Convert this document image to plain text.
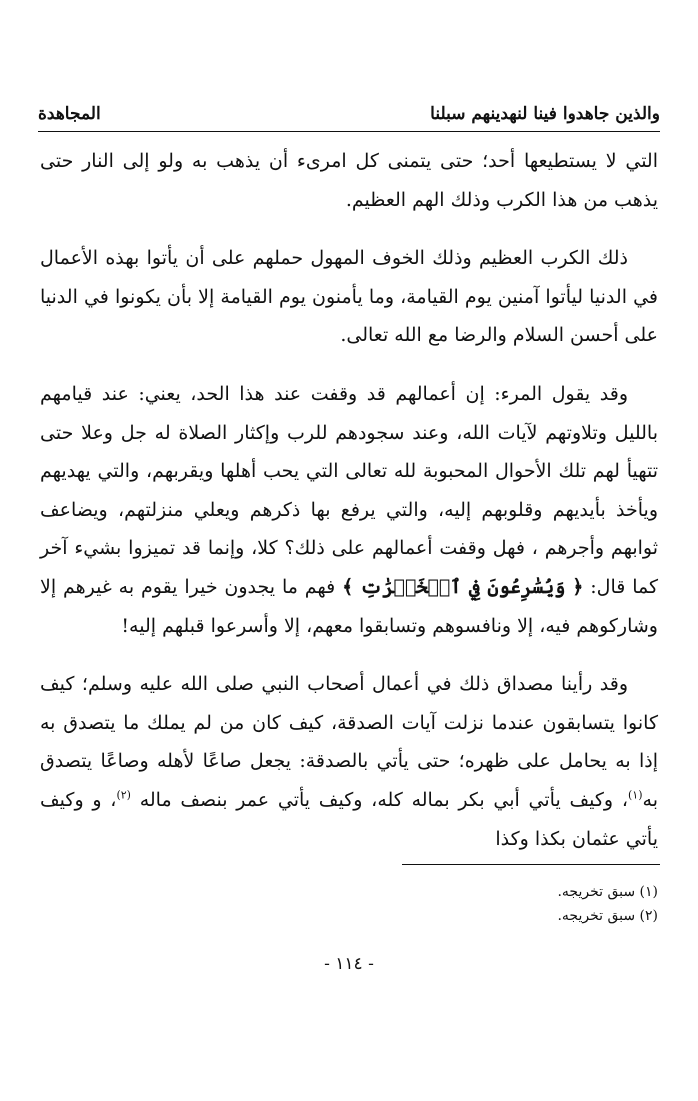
والذين جاهدوا فينا لنهدينهم سبلنا
المجاهدة

التي لا يستطيعها أحد؛ حتى يتمنى كل امرىء أن يذهب به ولو إلى النار حتى يذهب من هذا الكرب وذلك الهم العظيم.

ذلك الكرب العظيم وذلك الخوف المهول حملهم على أن يأتوا بهذه الأعمال في الدنيا ليأتوا آمنين يوم القيامة، وما يأمنون يوم القيامة إلا بأن يكونوا في الدنيا على أحسن السلام والرضا مع الله تعالى.

وقد يقول المرء: إن أعمالهم قد وقفت عند هذا الحد، يعني: عند قيامهم بالليل وتلاوتهم لآيات الله، وعند سجودهم للرب وإكثار الصلاة له جل وعلا حتى تتهيأ لهم تلك الأحوال المحبوبة لله تعالى التي يحب أهلها ويقربهم، والتي يهديهم ويأخذ بأيديهم وقلوبهم إليه، والتي يرفع بها ذكرهم ويعلي منزلتهم، ويضاعف ثوابهم وأجرهم ، فهل وقفت أعمالهم على ذلك؟ كلا، وإنما قد تميزوا بشيء آخر كما قال: ﴿ وَيُسَٰرِعُونَ فِي ٱلۡخَيۡرَٰتِ ﴾ فهم ما يجدون خيرا يقوم به غيرهم إلا وشاركوهم فيه، إلا ونافسوهم وتسابقوا معهم، إلا وأسرعوا قبلهم إليه!

وقد رأينا مصداق ذلك في أعمال أصحاب النبي صلى الله عليه وسلم؛ كيف كانوا يتسابقون عندما نزلت آيات الصدقة، كيف كان من لم يملك ما يتصدق به إذا به يحامل على ظهره؛ حتى يأتي بالصدقة: يجعل صاعًا لأهله وصاعًا يتصدق به$^{(١)}$، وكيف يأتي أبي بكر بماله كله، وكيف يأتي عمر بنصف ماله $^{(٢)}$، و وكيف يأتي عثمان بكذا وكذا

(١) سبق تخريجه.

(٢) سبق تخريجه.

- ١١٤ -
